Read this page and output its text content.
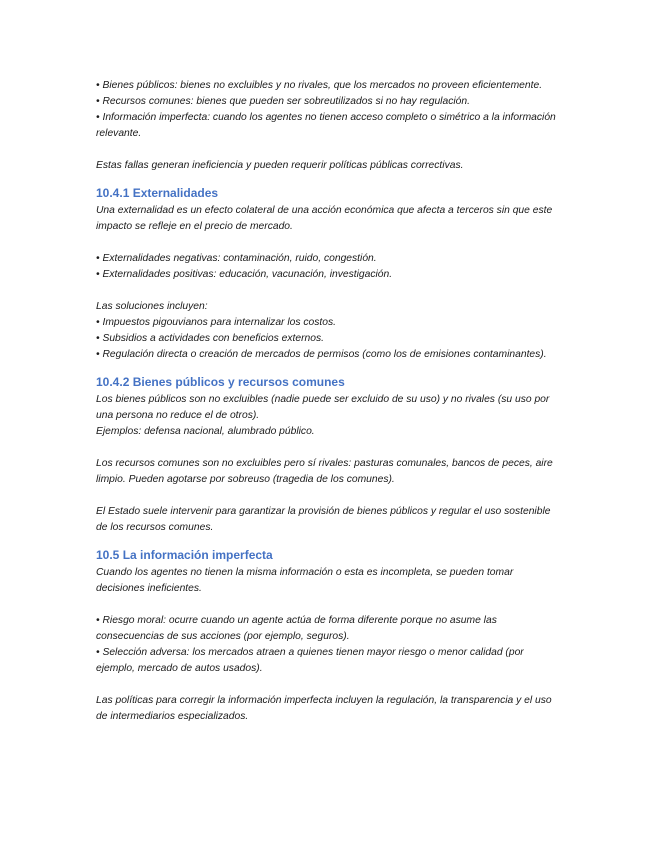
• Bienes públicos: bienes no excluibles y no rivales, que los mercados no proveen eficientemente.

• Recursos comunes: bienes que pueden ser sobreutilizados si no hay regulación.

• Información imperfecta: cuando los agentes no tienen acceso completo o simétrico a la información relevante.

Estas fallas generan ineficiencia y pueden requerir políticas públicas correctivas.

10.4.1 Externalidades

Una externalidad es un efecto colateral de una acción económica que afecta a terceros sin que este impacto se refleje en el precio de mercado.

• Externalidades negativas: contaminación, ruido, congestión.

• Externalidades positivas: educación, vacunación, investigación.

Las soluciones incluyen:

• Impuestos pigouvianos para internalizar los costos.

• Subsidios a actividades con beneficios externos.

• Regulación directa o creación de mercados de permisos (como los de emisiones contaminantes).

10.4.2 Bienes públicos y recursos comunes

Los bienes públicos son no excluibles (nadie puede ser excluido de su uso) y no rivales (su uso por una persona no reduce el de otros).

Ejemplos: defensa nacional, alumbrado público.

Los recursos comunes son no excluibles pero sí rivales: pasturas comunales, bancos de peces, aire limpio. Pueden agotarse por sobreuso (tragedia de los comunes).

El Estado suele intervenir para garantizar la provisión de bienes públicos y regular el uso sostenible de los recursos comunes.

10.5 La información imperfecta

Cuando los agentes no tienen la misma información o esta es incompleta, se pueden tomar decisiones ineficientes.

• Riesgo moral: ocurre cuando un agente actúa de forma diferente porque no asume las consecuencias de sus acciones (por ejemplo, seguros).

• Selección adversa: los mercados atraen a quienes tienen mayor riesgo o menor calidad (por ejemplo, mercado de autos usados).

Las políticas para corregir la información imperfecta incluyen la regulación, la transparencia y el uso de intermediarios especializados.
